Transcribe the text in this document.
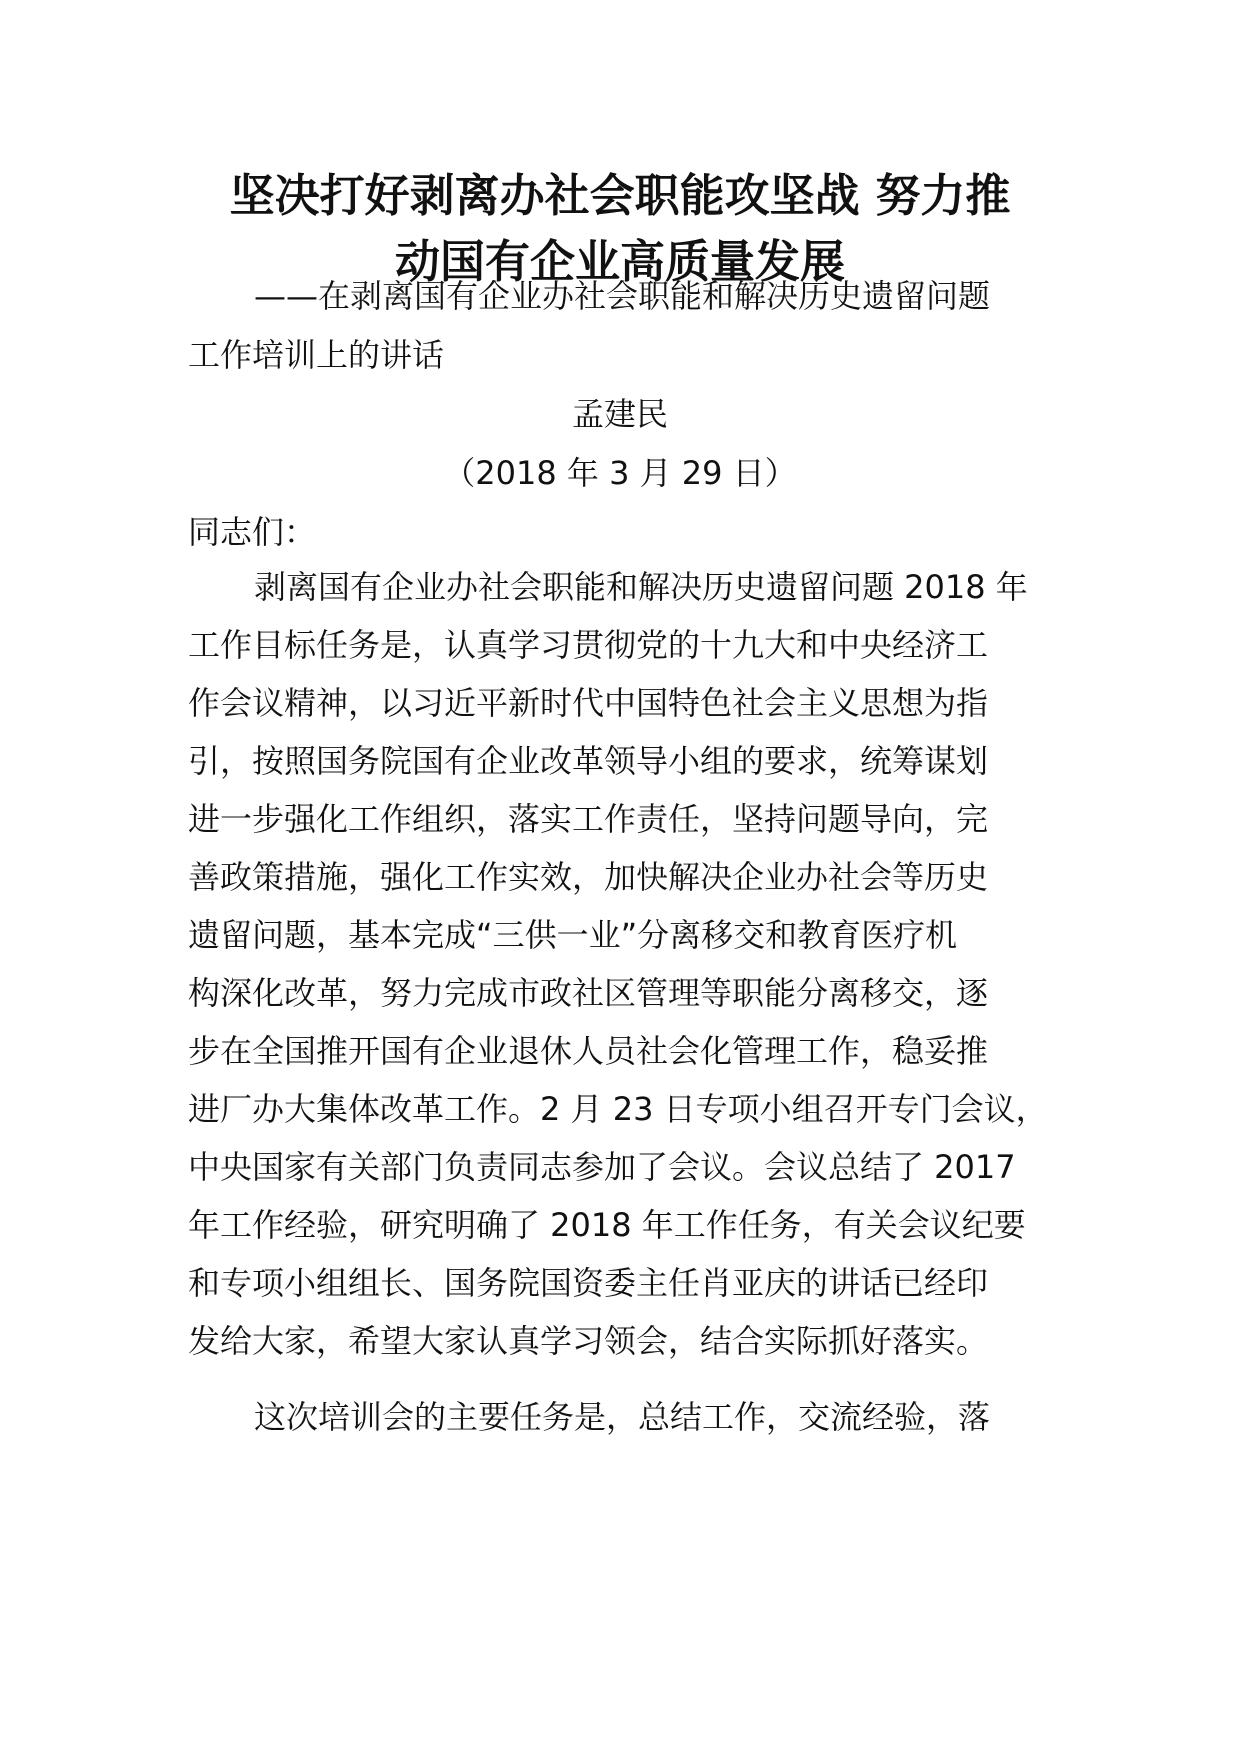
坚决打好剥离办社会职能攻坚战 努力推
动国有企业高质量发展
——在剥离国有企业办社会职能和解决历史遗留问题
工作培训上的讲话
孟建民
（2018 年 3 月 29 日）
同志们：
剥离国有企业办社会职能和解决历史遗留问题 2018 年
工作目标任务是，认真学习贯彻党的十九大和中央经济工
作会议精神，以习近平新时代中国特色社会主义思想为指
引，按照国务院国有企业改革领导小组的要求，统筹谋划
进一步强化工作组织，落实工作责任，坚持问题导向，完
善政策措施，强化工作实效，加快解决企业办社会等历史
遗留问题，基本完成“三供一业”分离移交和教育医疗机
构深化改革，努力完成市政社区管理等职能分离移交，逐
步在全国推开国有企业退休人员社会化管理工作，稳妥推
进厂办大集体改革工作。2 月 23 日专项小组召开专门会议，
中央国家有关部门负责同志参加了会议。会议总结了 2017
年工作经验，研究明确了 2018 年工作任务，有关会议纪要
和专项小组组长、国务院国资委主任肖亚庆的讲话已经印
发给大家，希望大家认真学习领会，结合实际抓好落实。
这次培训会的主要任务是，总结工作，交流经验，落
